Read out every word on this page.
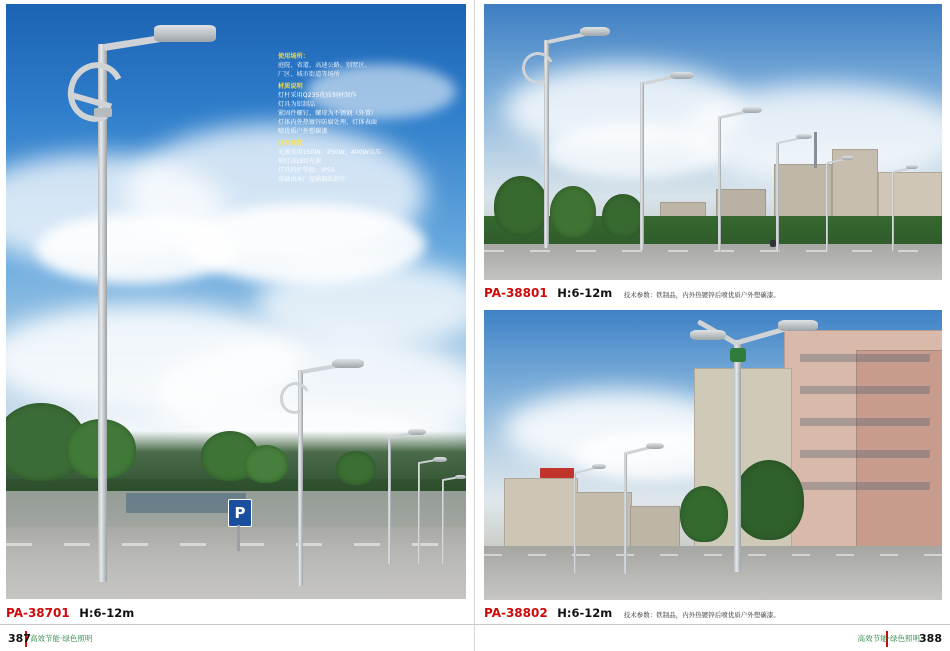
P

使用场所：

庭院、省道、高速公路、别墅区、

厂区、城市街道等场所

材质说明

灯杆采用Q235优质钢材制作

灯具为铝制品

紧固件螺钉、螺母为不锈钢（外置）

灯体内外热镀锌防腐处理、灯体表面

喷优质户外塑碳漆

技术参数

光源采用150W、250W、400W高压

钠灯或LED光源

灯具的护等级：IP55

基础由本厂提供图纸制作

PA-38701 H:6-12m
PA-38801 H:6-12m 技术参数：铁制品，内外热镀锌后喷优质户外塑碳漆。
PA-38802 H:6-12m 技术参数：铁制品，内外热镀锌后喷优质户外塑碳漆。
387	388
高效节能·绿色照明	高效节能·绿色照明
